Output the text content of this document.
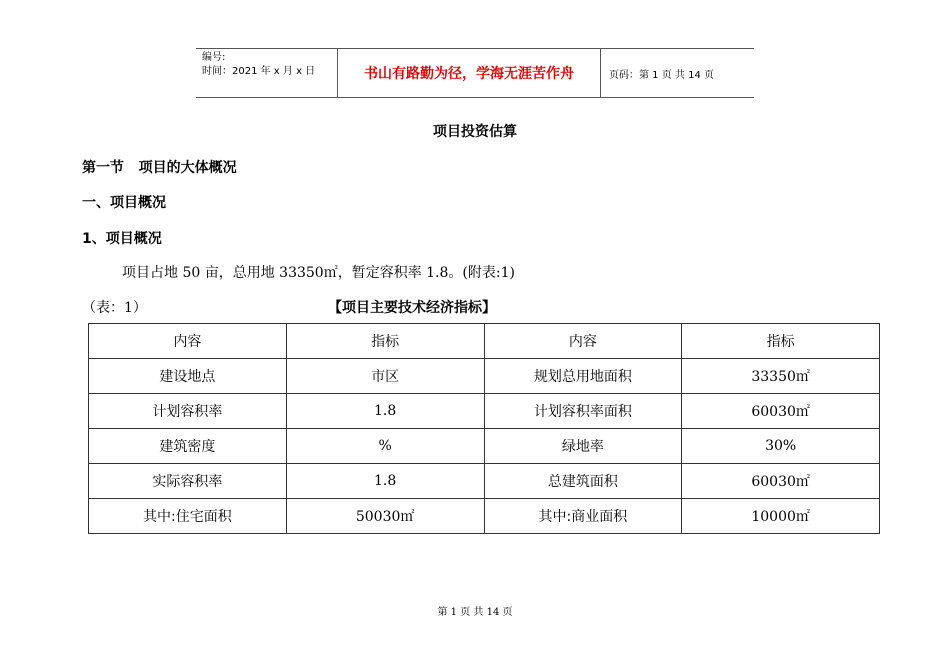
编号:
时间：2021 年 x 月 x 日	书山有路勤为径，学海无涯苦作舟	页码：第 1 页 共 14 页
项目投资估算
第一节   项目的大体概况
一、项目概况
1、项目概况
项目占地 50 亩，总用地 33350㎡，暂定容积率 1.8。(附表:1)
（表：1）	【项目主要技术经济指标】
内容	指标	内容	指标
建设地点	市区	规划总用地面积	33350㎡
计划容积率	1.8	计划容积率面积	60030㎡
建筑密度	%	绿地率	30%
实际容积率	1.8	总建筑面积	60030㎡
其中:住宅面积	50030㎡	其中:商业面积	10000㎡
第 1 页 共 14 页
